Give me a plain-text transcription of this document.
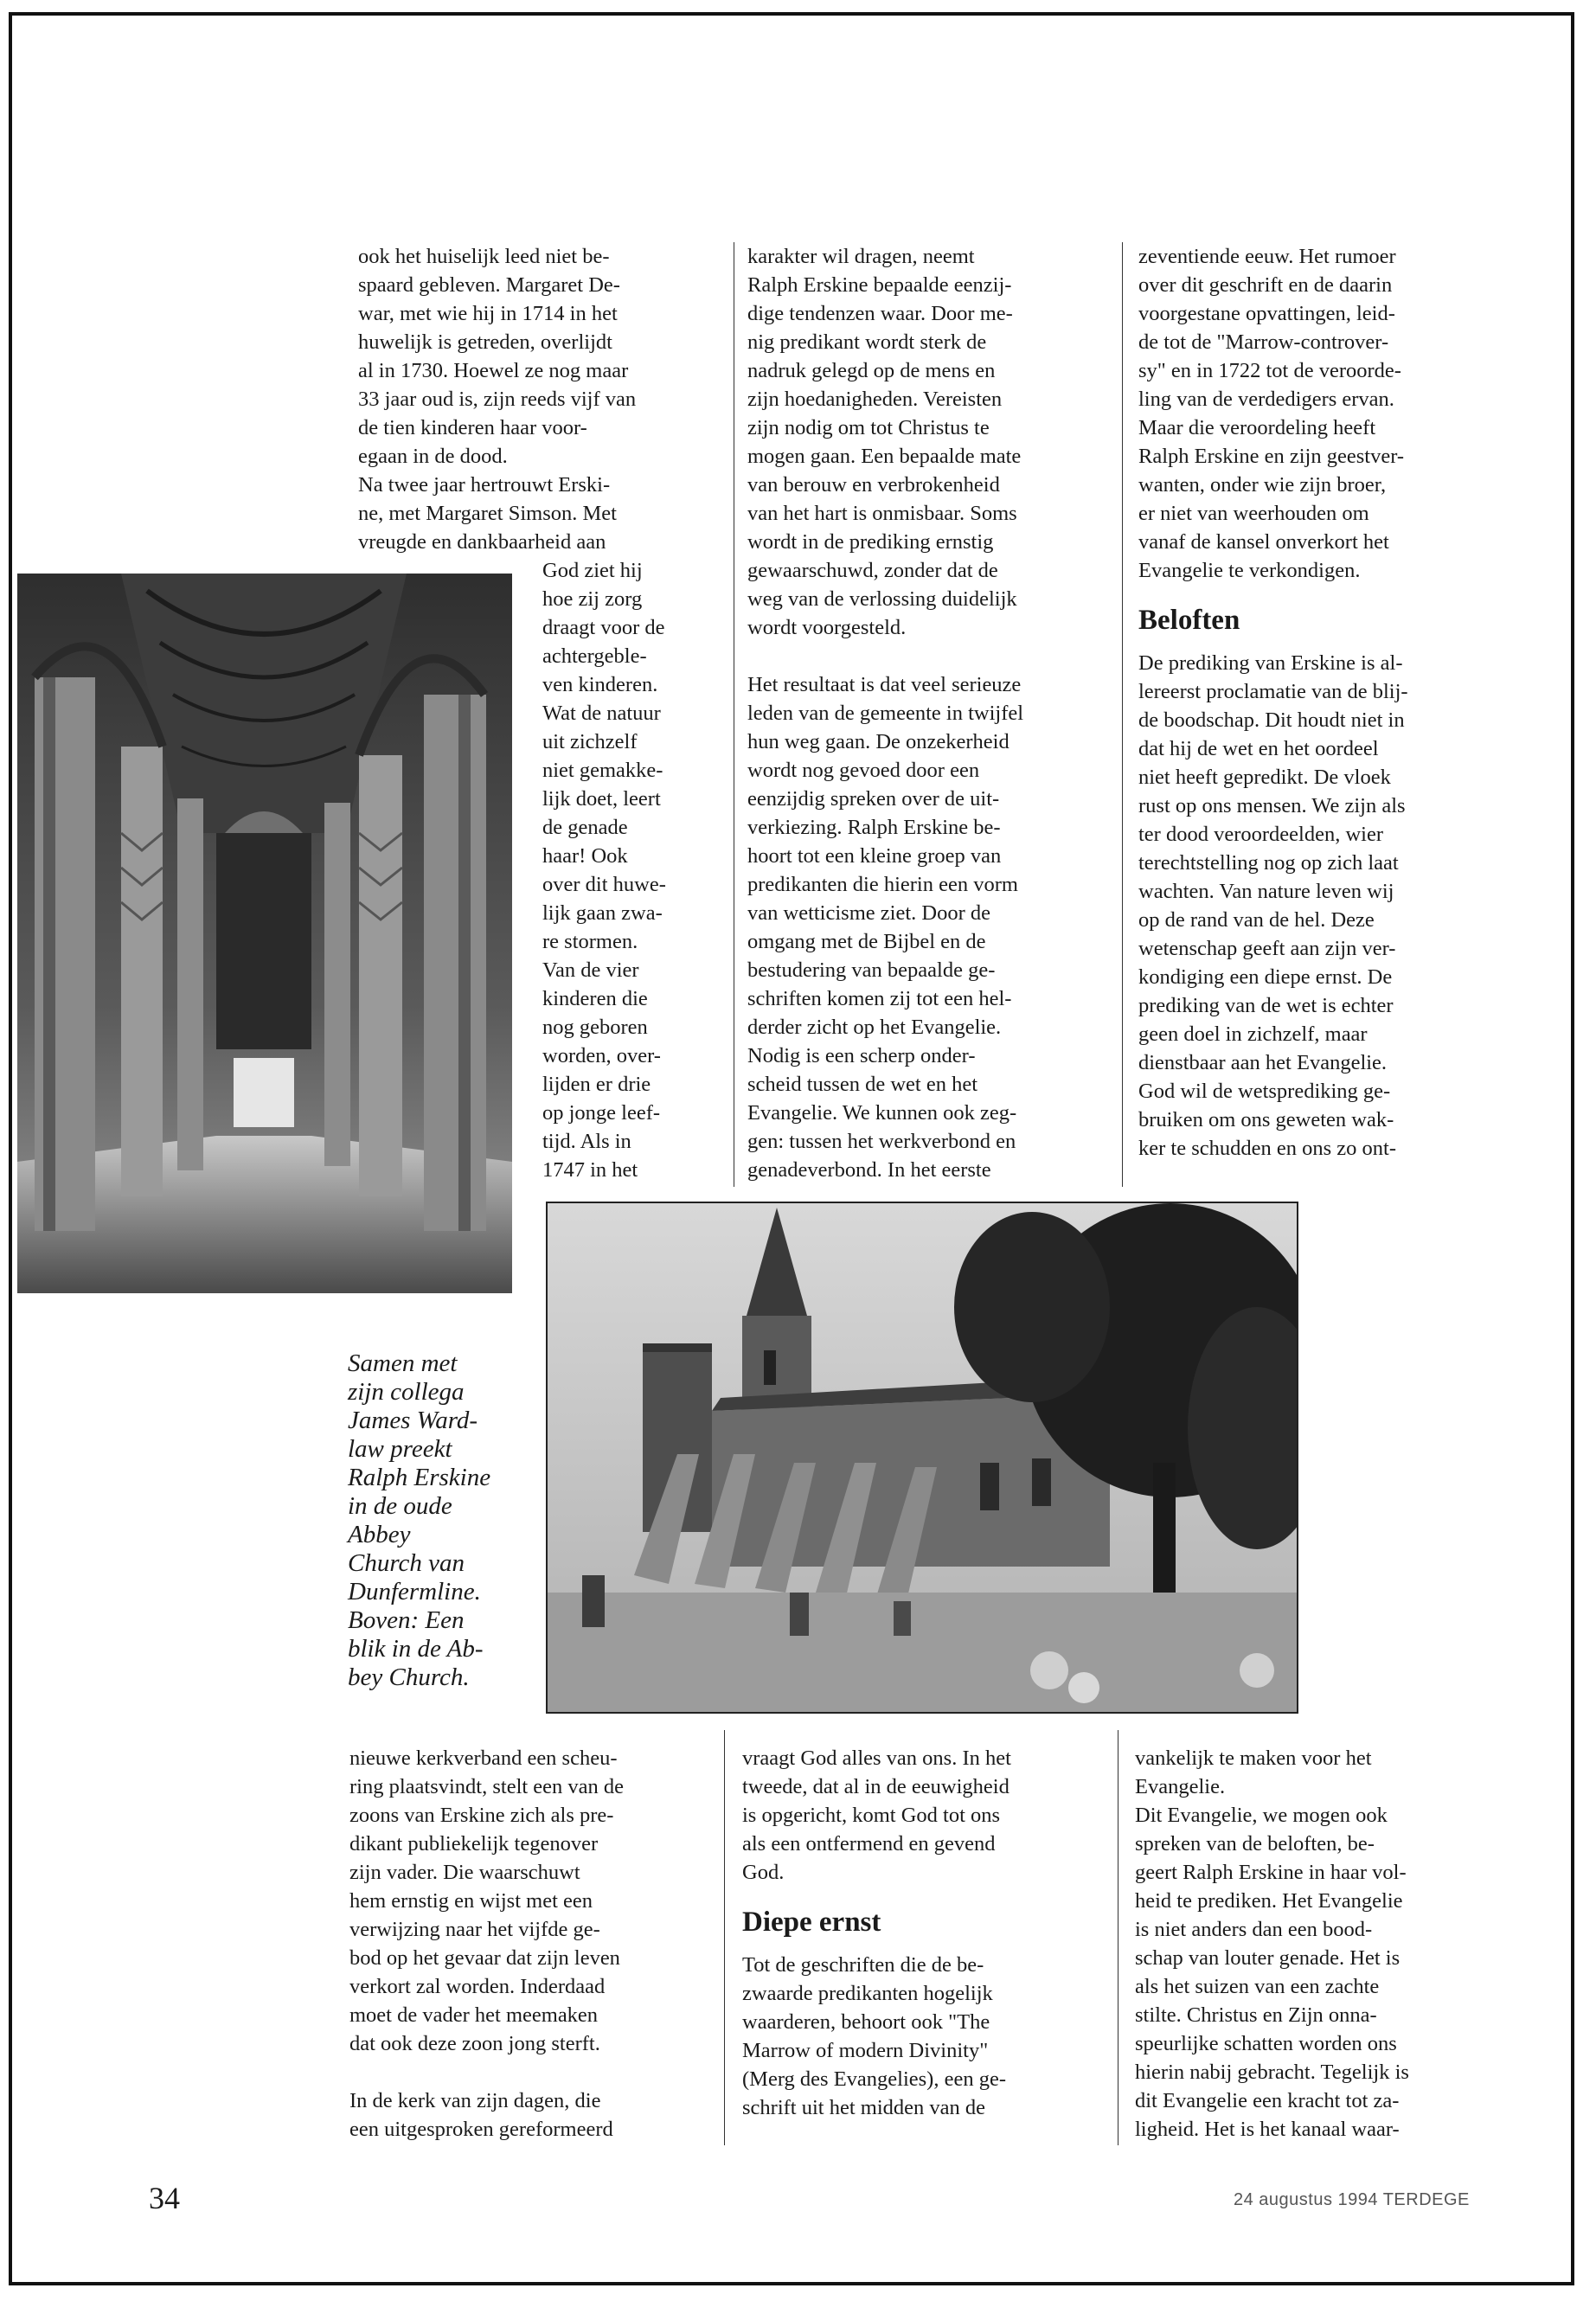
ook het huiselijk leed niet be-
spaard gebleven. Margaret De-
war, met wie hij in 1714 in het
huwelijk is getreden, overlijdt
al in 1730. Hoewel ze nog maar
33 jaar oud is, zijn reeds vijf van
de tien kinderen haar voor-
egaan in de dood.
Na twee jaar hertrouwt Erski-
ne, met Margaret Simson. Met
vreugde en dankbaarheid aan

God ziet hij
hoe zij zorg
draagt voor de
achtergeble-
ven kinderen.
Wat de natuur
uit zichzelf
niet gemakke-
lijk doet, leert
de genade
haar! Ook
over dit huwe-
lijk gaan zwa-
re stormen.
Van de vier
kinderen die
nog geboren
worden, over-
lijden er drie
op jonge leef-
tijd. Als in
1747 in het

karakter wil dragen, neemt
Ralph Erskine bepaalde eenzij-
dige tendenzen waar. Door me-
nig predikant wordt sterk de
nadruk gelegd op de mens en
zijn hoedanigheden. Vereisten
zijn nodig om tot Christus te
mogen gaan. Een bepaalde mate
van berouw en verbrokenheid
van het hart is onmisbaar. Soms
wordt in de prediking ernstig
gewaarschuwd, zonder dat de
weg van de verlossing duidelijk
wordt voorgesteld.

Het resultaat is dat veel serieuze
leden van de gemeente in twijfel
hun weg gaan. De onzekerheid
wordt nog gevoed door een
eenzijdig spreken over de uit-
verkiezing. Ralph Erskine be-
hoort tot een kleine groep van
predikanten die hierin een vorm
van wetticisme ziet. Door de
omgang met de Bijbel en de
bestudering van bepaalde ge-
schriften komen zij tot een hel-
derder zicht op het Evangelie.
Nodig is een scherp onder-
scheid tussen de wet en het
Evangelie. We kunnen ook zeg-
gen: tussen het werkverbond en
genadeverbond. In het eerste

zeventiende eeuw. Het rumoer
over dit geschrift en de daarin
voorgestane opvattingen, leid-
de tot de "Marrow-controver-
sy" en in 1722 tot de veroorde-
ling van de verdedigers ervan.
Maar die veroordeling heeft
Ralph Erskine en zijn geestver-
wanten, onder wie zijn broer,
er niet van weerhouden om
vanaf de kansel onverkort het
Evangelie te verkondigen.

Beloften

De prediking van Erskine is al-
lereerst proclamatie van de blij-
de boodschap. Dit houdt niet in
dat hij de wet en het oordeel
niet heeft gepredikt. De vloek
rust op ons mensen. We zijn als
ter dood veroordeelden, wier
terechtstelling nog op zich laat
wachten. Van nature leven wij
op de rand van de hel. Deze
wetenschap geeft aan zijn ver-
kondiging een diepe ernst. De
prediking van de wet is echter
geen doel in zichzelf, maar
dienstbaar aan het Evangelie.
God wil de wetsprediking ge-
bruiken om ons geweten wak-
ker te schudden en ons zo ont-

Samen met
zijn collega
James Ward-
law preekt
Ralph Erskine
in de oude
Abbey
Church van
Dunfermline.
Boven: Een
blik in de Ab-
bey Church.

nieuwe kerkverband een scheu-
ring plaatsvindt, stelt een van de
zoons van Erskine zich als pre-
dikant publiekelijk tegenover
zijn vader. Die waarschuwt
hem ernstig en wijst met een
verwijzing naar het vijfde ge-
bod op het gevaar dat zijn leven
verkort zal worden. Inderdaad
moet de vader het meemaken
dat ook deze zoon jong sterft.

In de kerk van zijn dagen, die
een uitgesproken gereformeerd

vraagt God alles van ons. In het
tweede, dat al in de eeuwigheid
is opgericht, komt God tot ons
als een ontfermend en gevend
God.

Diepe ernst

Tot de geschriften die de be-
zwaarde predikanten hogelijk
waarderen, behoort ook "The
Marrow of modern Divinity"
(Merg des Evangelies), een ge-
schrift uit het midden van de

vankelijk te maken voor het
Evangelie.
Dit Evangelie, we mogen ook
spreken van de beloften, be-
geert Ralph Erskine in haar vol-
heid te prediken. Het Evangelie
is niet anders dan een bood-
schap van louter genade. Het is
als het suizen van een zachte
stilte. Christus en Zijn onna-
speurlijke schatten worden ons
hierin nabij gebracht. Tegelijk is
dit Evangelie een kracht tot za-
ligheid. Het is het kanaal waar-

34	24 augustus 1994 TERDEGE
